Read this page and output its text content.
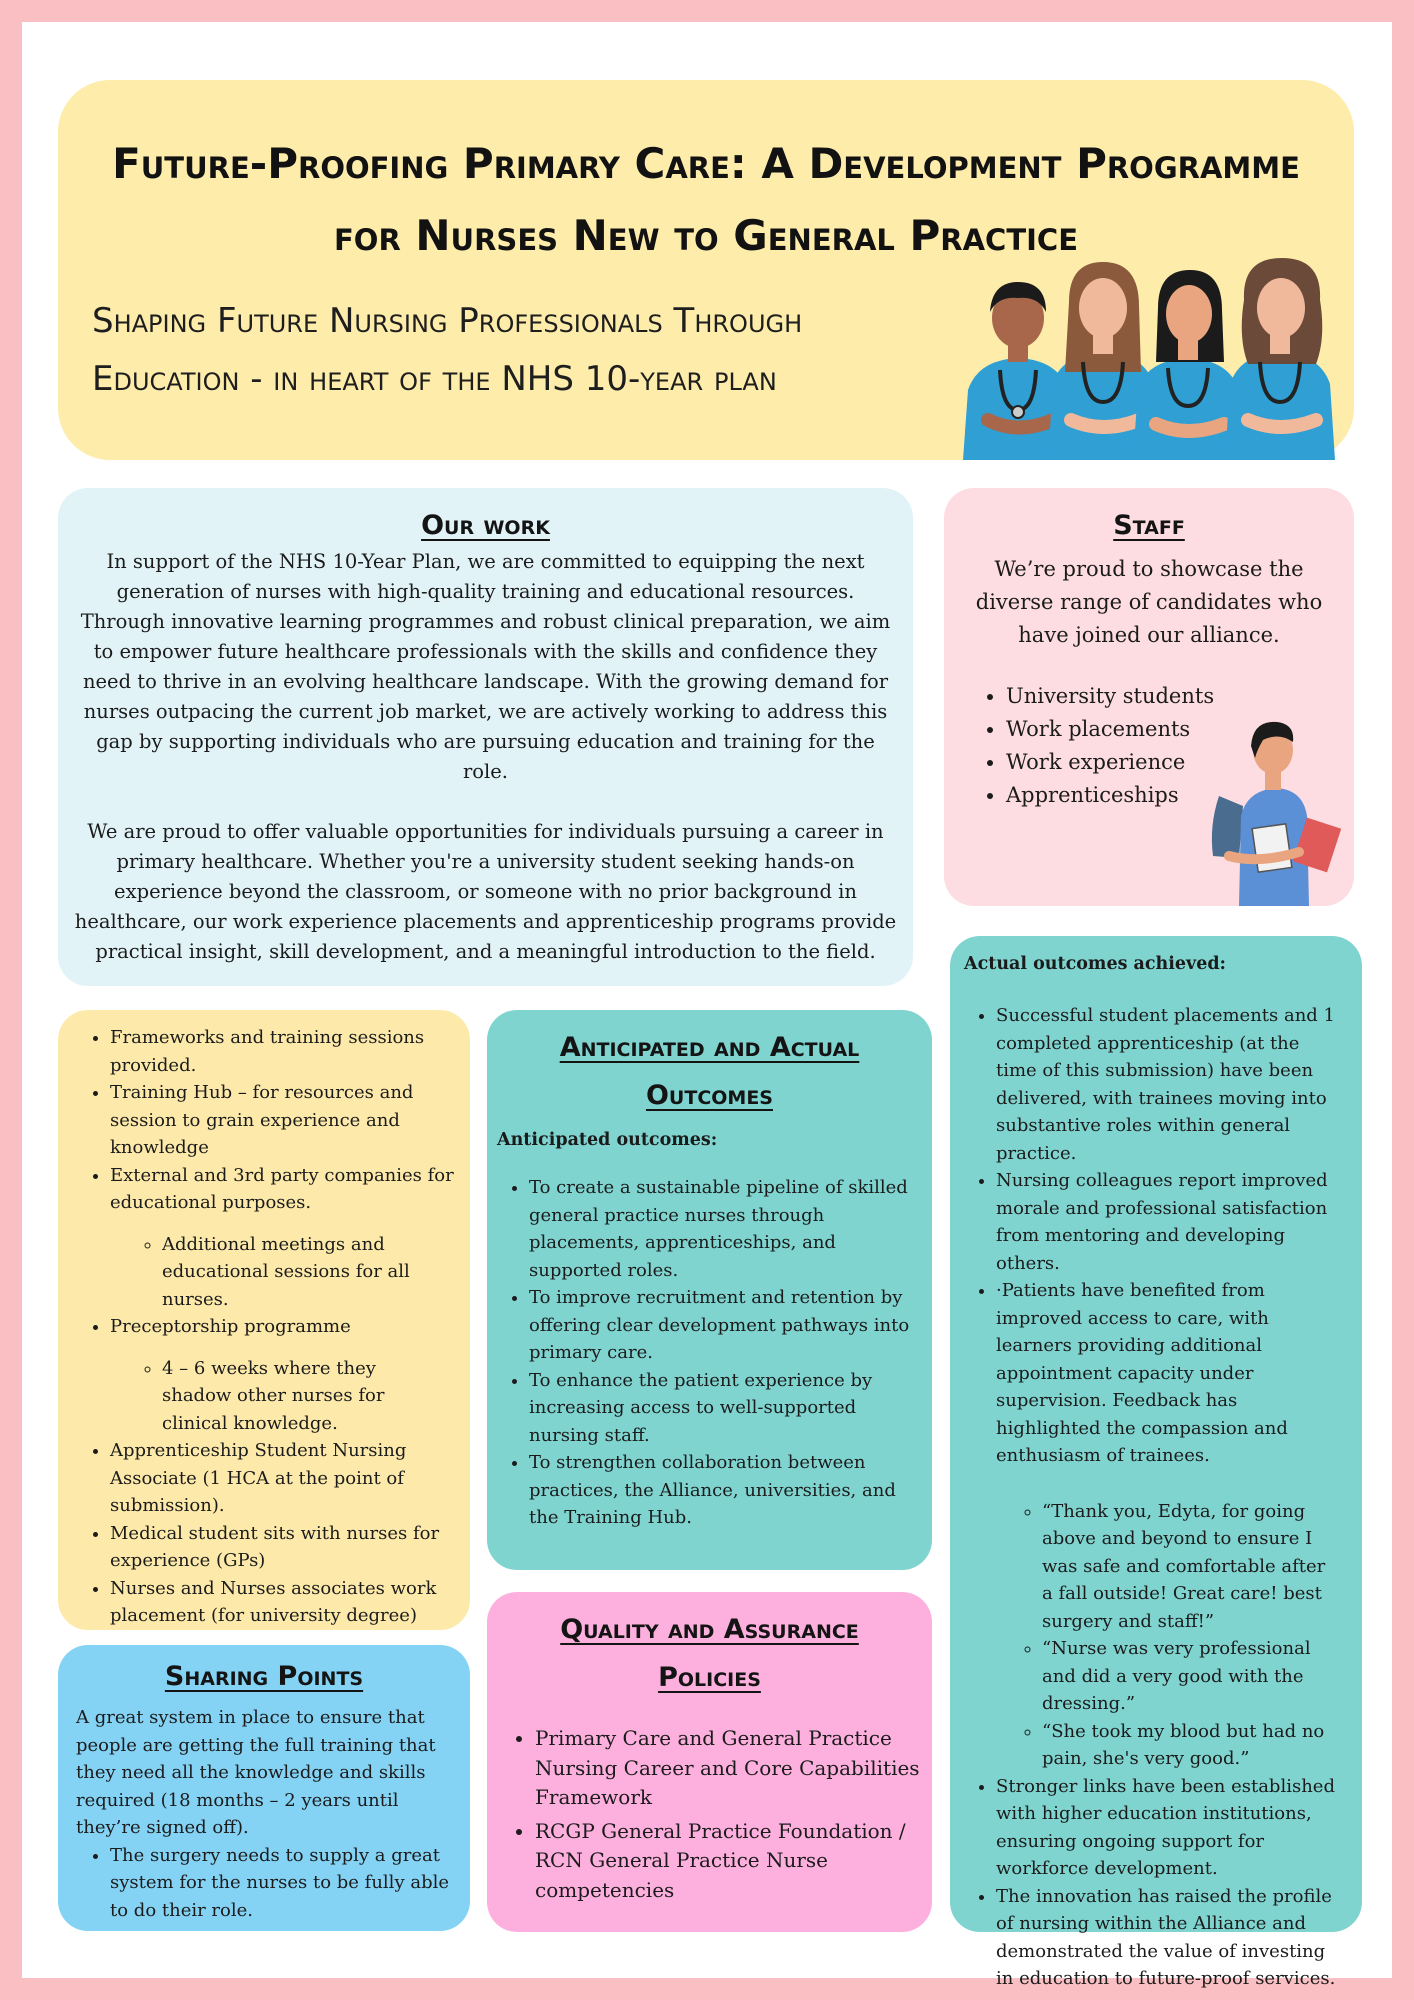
Future-Proofing Primary Care: A Development Programme
for Nurses New to General Practice
Shaping Future Nursing Professionals Through
Education - in heart of the NHS 10-year plan
Our work

In support of the NHS 10-Year Plan, we are committed to equipping the next generation of nurses with high-quality training and educational resources. Through innovative learning programmes and robust clinical preparation, we aim to empower future healthcare professionals with the skills and confidence they need to thrive in an evolving healthcare landscape. With the growing demand for nurses outpacing the current job market, we are actively working to address this gap by supporting individuals who are pursuing education and training for the role.

We are proud to offer valuable opportunities for individuals pursuing a career in primary healthcare. Whether you're a university student seeking hands-on experience beyond the classroom, or someone with no prior background in healthcare, our work experience placements and apprenticeship programs provide practical insight, skill development, and a meaningful introduction to the field.

Staff

We’re proud to showcase the diverse range of candidates who have joined our alliance.

• University students
• Work placements
• Work experience
• Apprenticeships
Actual outcomes achieved:
• Successful student placements and 1 completed apprenticeship (at the time of this submission) have been delivered, with trainees moving into substantive roles within general practice.
• Nursing colleagues report improved morale and professional satisfaction from mentoring and developing others.
• ·Patients have benefited from improved access to care, with learners providing additional appointment capacity under supervision. Feedback has highlighted the compassion and enthusiasm of trainees.
◦ “Thank you, Edyta, for going above and beyond to ensure I was safe and comfortable after a fall outside! Great care! best surgery and staff!”
◦ “Nurse was very professional and did a very good with the dressing.”
◦ “She took my blood but had no pain, she's very good.”
• Stronger links have been established with higher education institutions, ensuring ongoing support for workforce development.
• The innovation has raised the profile of nursing within the Alliance and demonstrated the value of investing in education to future-proof services.
• Frameworks and training sessions provided.
• Training Hub – for resources and session to grain experience and knowledge
• External and 3rd party companies for educational purposes.
◦ Additional meetings and educational sessions for all nurses.
• Preceptorship programme
◦ 4 – 6 weeks where they shadow other nurses for clinical knowledge.
• Apprenticeship Student Nursing Associate (1 HCA at the point of submission).
• Medical student sits with nurses for experience (GPs)
• Nurses and Nurses associates work placement (for university degree)
Anticipated and Actual
Outcomes
Anticipated outcomes:
• To create a sustainable pipeline of skilled general practice nurses through placements, apprenticeships, and supported roles.
• To improve recruitment and retention by offering clear development pathways into primary care.
• To enhance the patient experience by increasing access to well-supported nursing staff.
• To strengthen collaboration between practices, the Alliance, universities, and the Training Hub.
Sharing Points

A great system in place to ensure that people are getting the full training that they need all the knowledge and skills required (18 months – 2 years until they’re signed off).

• The surgery needs to supply a great system for the nurses to be fully able to do their role.
Quality and Assurance
Policies
• Primary Care and General Practice Nursing Career and Core Capabilities Framework
• RCGP General Practice Foundation / RCN General Practice Nurse competencies
